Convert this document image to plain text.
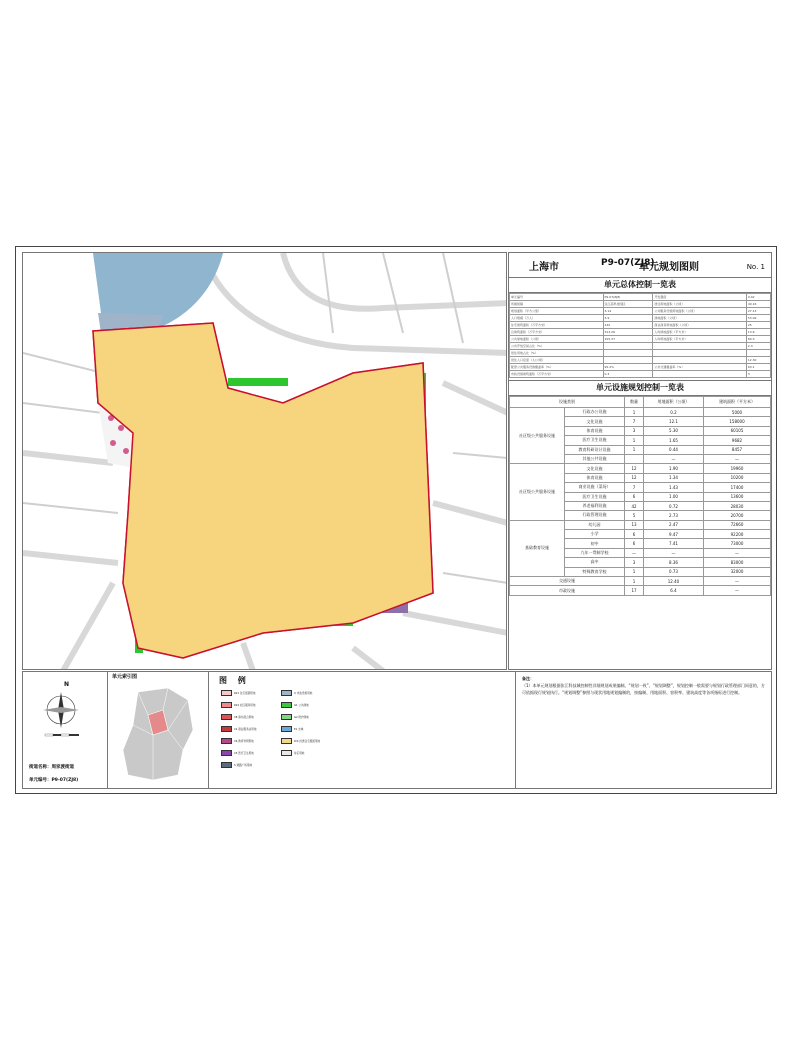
上海市	P9-07(ZJ8)
单元规划图则	No. 1
单元总体控制一览表
单元编号	P9-07(ZJ8)	开发强度	0.42
所属街镇	张江高科技园区	居住用地面积（公顷）	49.16
规划面积（平方公里）	3.14	公共服务设施用地面积（公顷）	27.13
人口规模（万人）	3.9	绿地面积（公顷）	53.09
住宅建筑面积（万平方米）	140	商业商务用地面积（公顷）	25
总建筑面积（万平方米）	313.26	人均绿地面积（平方米）	13.6
公共绿地面积（公顷）	105.37	人均用地面积（平方米）	80.3
公共开放空间占比（%）		.	2.3
居住用地占比（%）			
居住人口密度（人/公顷）			12.30
配套公共服务设施覆盖率（%）	95.2%	公共交通覆盖率（%）	63.1
市政设施建筑面积（万平方米）	0.3		3
单元设施规划控制一览表
设施类别		数量	用地面积（公顷）	建筑面积（平方米）
社区级公共服务设施	行政办公设施	1	0.2	5000
	文化设施	7	12.1	158000
	体育设施	3	5.30	60105
	医疗卫生设施	1	1.65	9682
	教育科研设计设施	1	0.44	8457
	其他公共设施		—	—
社区级公共服务设施	文化设施	12	1.90	19960
	体育设施	12	1.34	10200
	商业设施（菜场）	7	1.43	17400
	医疗卫生设施	6	1.00	13600
	养老福利设施	42	0.72	28030
	行政管理设施	5	2.73	20700
基础教育设施	幼儿园	13	2.47	72660
	小学	6	9.47	92200
	初中	6	7.41	73000
	九年一贯制学校	—	—	—
	高中	3	8.36	83000
	特殊教育学校	1	0.73	32000
交通设施		1	12.40	—
市政设施		17	6.4	—
N
街道名称：周家渡街道
单元编号：P9-07(ZJ8)
单元索引图	图 例
R21 住宅组团用地
R22 社区服务用地
C8 商办混合用地
C2 商业服务业用地
C6 教育科研用地
C5 医疗卫生用地
S 道路广场用地
U 市政设施用地
G1 公共绿地
G2 防护绿地
E1 水域
Rr4 四类住宅组团用地
待定用地
备注：
（1）本单元规划根据张江科技城控制性详细规划成果编制。“规划一致”、“规划调整”，规划控制一般需要与规划行政管理部门同意的，方可依据现行规划执行。“规划调整”参照与现状用地规划编制的，按编制、用地面积、容积率、建筑高度等各项指标进行控制。
